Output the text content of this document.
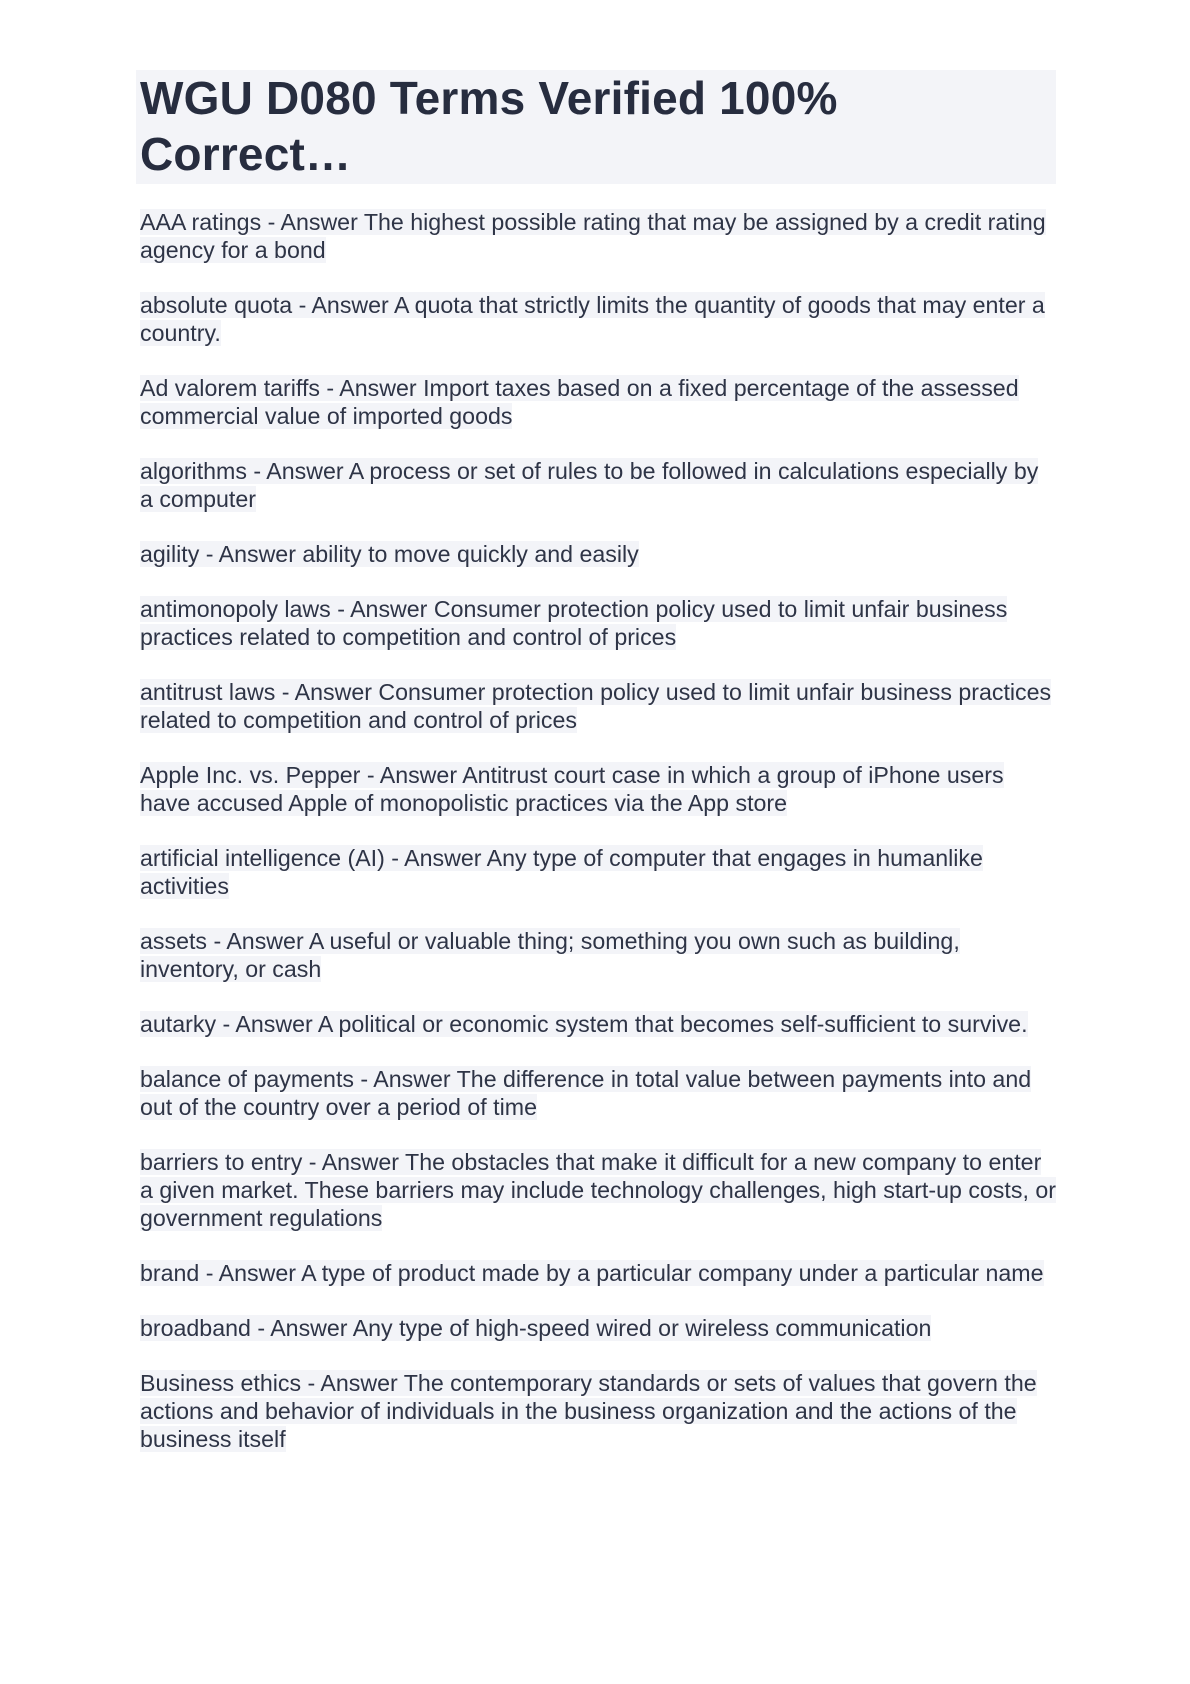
WGU D080 Terms Verified 100% Correct…

AAA ratings - Answer The highest possible rating that may be assigned by a credit rating agency for a bond

absolute quota - Answer A quota that strictly limits the quantity of goods that may enter a country.

Ad valorem tariffs - Answer Import taxes based on a fixed percentage of the assessed commercial value of imported goods

algorithms - Answer A process or set of rules to be followed in calculations especially by a computer

agility - Answer ability to move quickly and easily

antimonopoly laws - Answer Consumer protection policy used to limit unfair business practices related to competition and control of prices

antitrust laws - Answer Consumer protection policy used to limit unfair business practices related to competition and control of prices

Apple Inc. vs. Pepper - Answer Antitrust court case in which a group of iPhone users have accused Apple of monopolistic practices via the App store

artificial intelligence (AI) - Answer Any type of computer that engages in humanlike activities

assets - Answer A useful or valuable thing; something you own such as building, inventory, or cash

autarky - Answer A political or economic system that becomes self-sufficient to survive.

balance of payments - Answer The difference in total value between payments into and out of the country over a period of time

barriers to entry - Answer The obstacles that make it difficult for a new company to enter a given market. These barriers may include technology challenges, high start-up costs, or government regulations

brand - Answer A type of product made by a particular company under a particular name

broadband - Answer Any type of high-speed wired or wireless communication

Business ethics - Answer The contemporary standards or sets of values that govern the actions and behavior of individuals in the business organization and the actions of the business itself
